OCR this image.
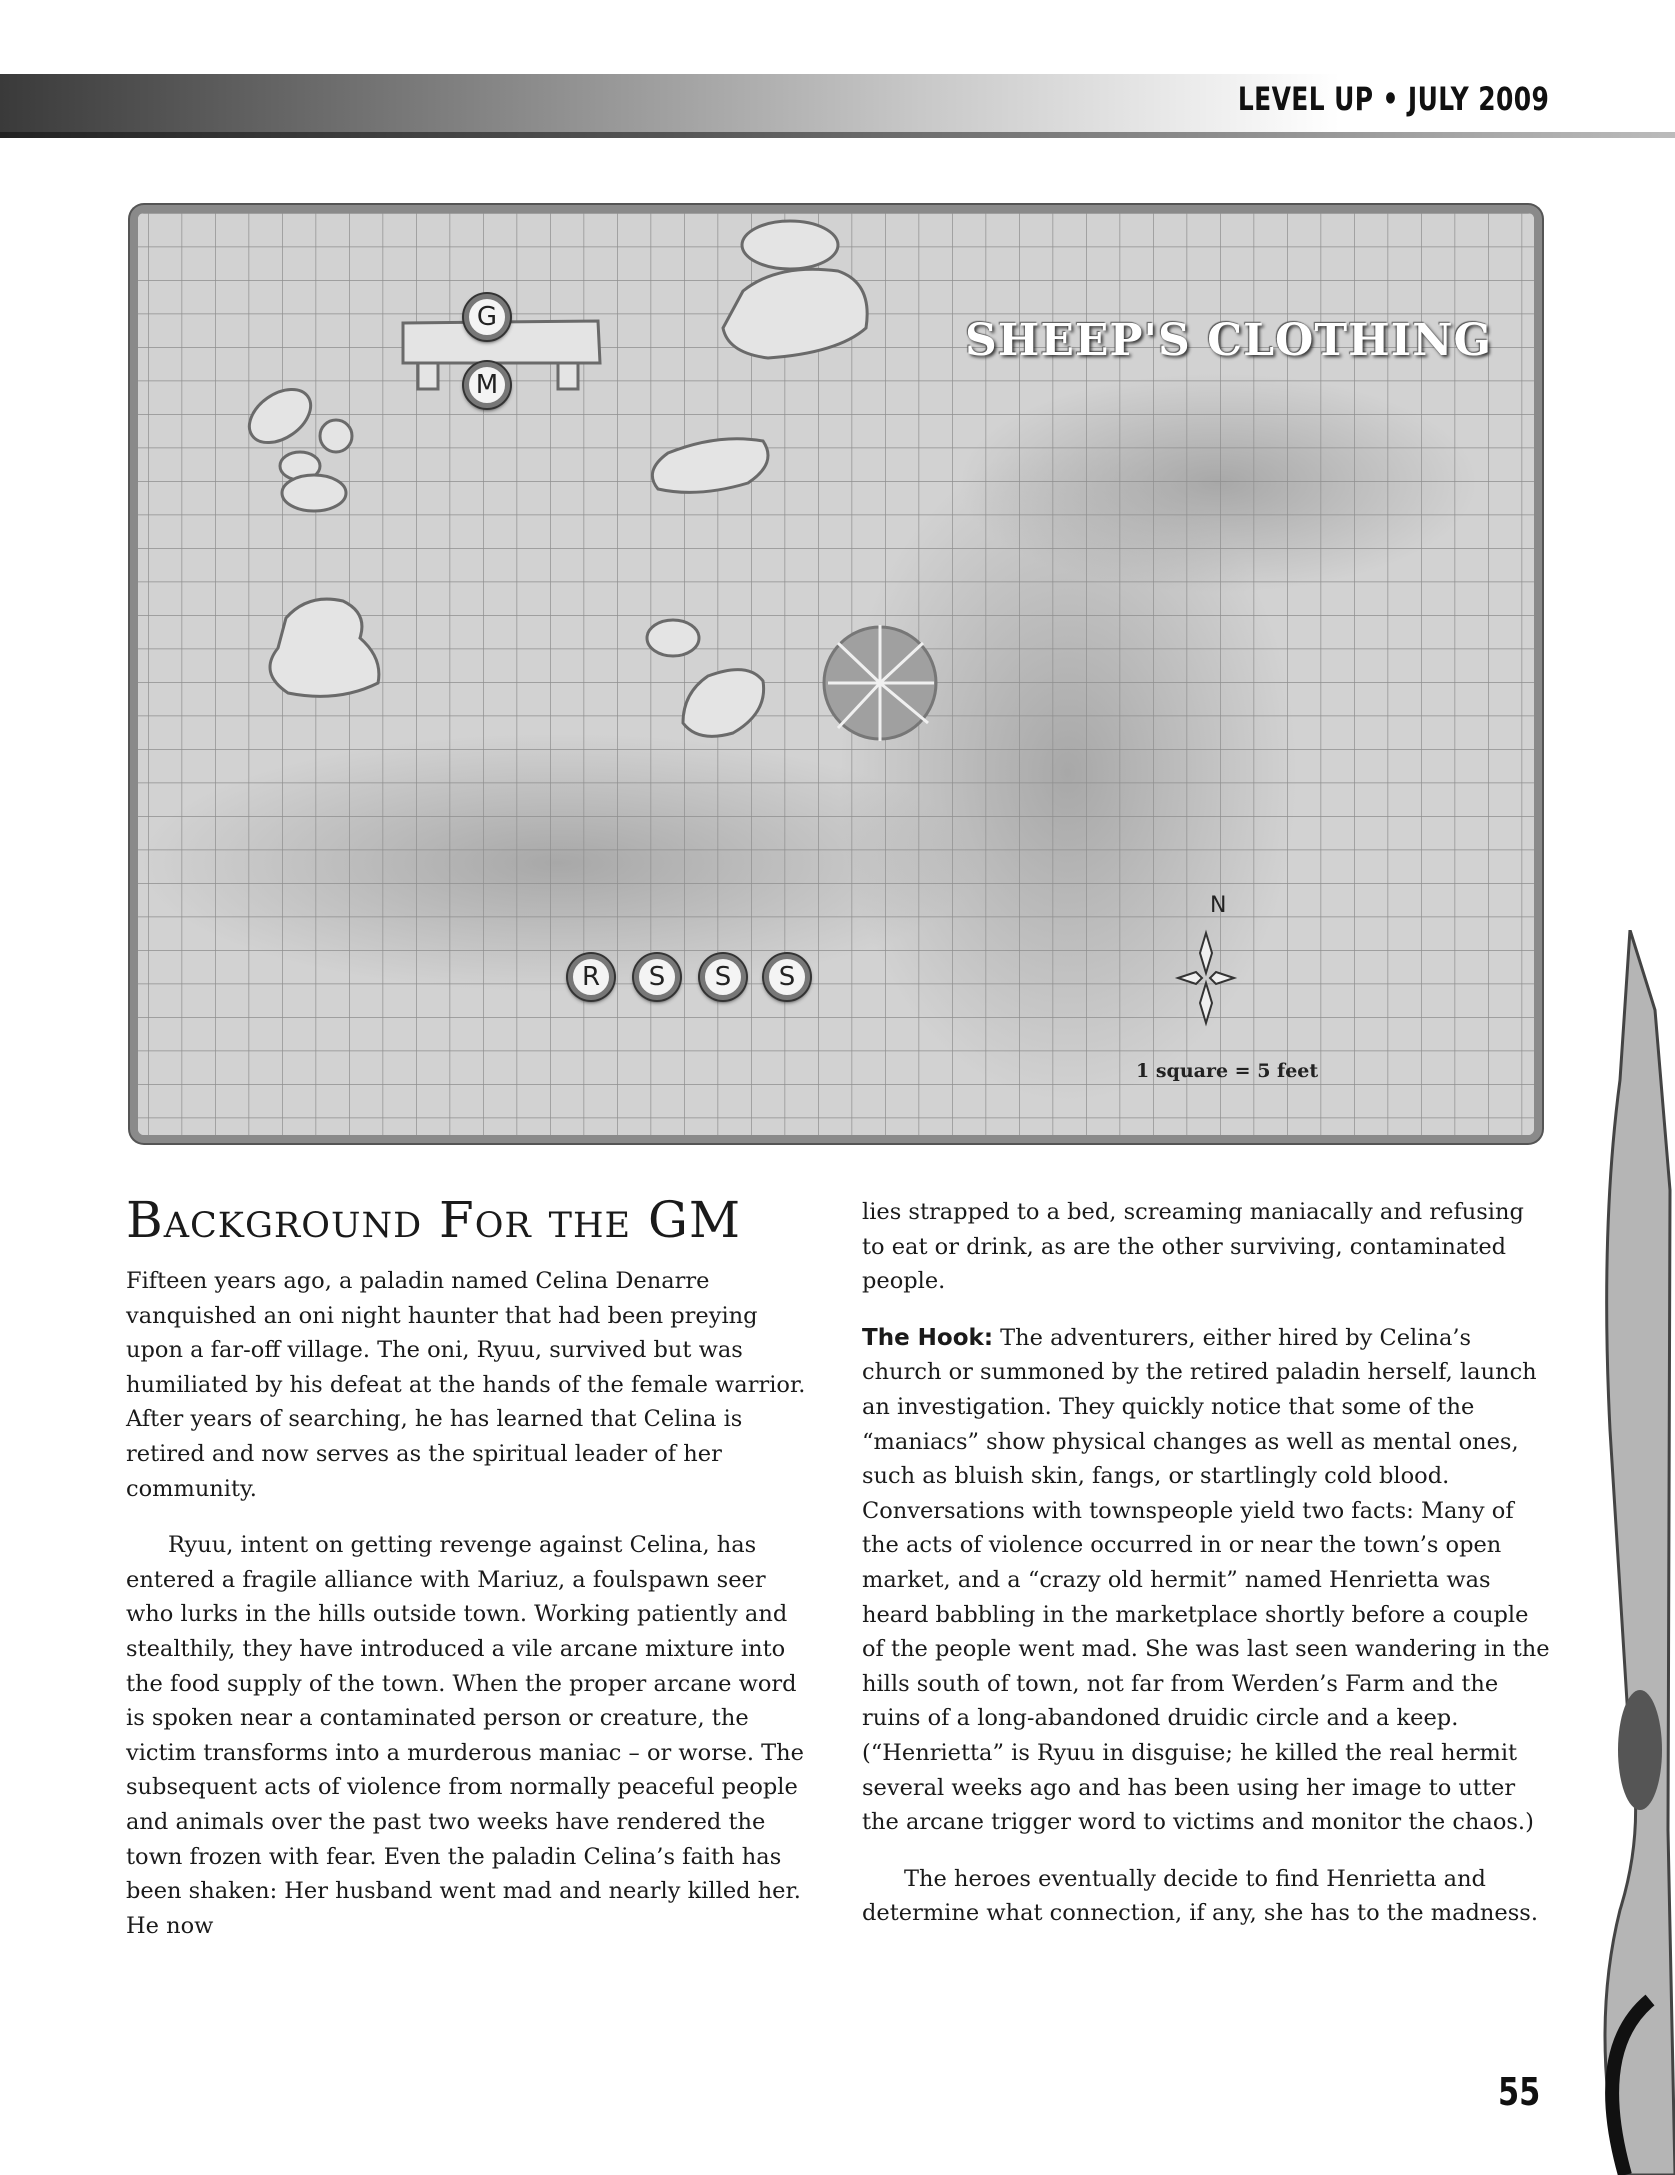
LEVEL UP • JULY 2009
SHEEP'S CLOTHING
G
M
R	S	S	S
N
1 square = 5 feet
Background For the GM

Fifteen years ago, a paladin named Celina Denarre vanquished an oni night haunter that had been preying upon a far-off village. The oni, Ryuu, survived but was humiliated by his defeat at the hands of the female warrior. After years of searching, he has learned that Celina is retired and now serves as the spiritual leader of her community.

Ryuu, intent on getting revenge against Celina, has entered a fragile alliance with Mariuz, a foulspawn seer who lurks in the hills outside town. Working patiently and stealthily, they have introduced a vile arcane mixture into the food supply of the town. When the proper arcane word is spoken near a contaminated person or creature, the victim transforms into a murderous maniac – or worse. The subsequent acts of violence from normally peaceful people and animals over the past two weeks have rendered the town frozen with fear. Even the paladin Celina’s faith has been shaken: Her husband went mad and nearly killed her. He now

lies strapped to a bed, screaming maniacally and refusing to eat or drink, as are the other surviving, contaminated people.

The Hook: The adventurers, either hired by Celina’s church or summoned by the retired paladin herself, launch an investigation. They quickly notice that some of the “maniacs” show physical changes as well as mental ones, such as bluish skin, fangs, or startlingly cold blood. Conversations with townspeople yield two facts: Many of the acts of violence occurred in or near the town’s open market, and a “crazy old hermit” named Henrietta was heard babbling in the marketplace shortly before a couple of the people went mad. She was last seen wandering in the hills south of town, not far from Werden’s Farm and the ruins of a long-abandoned druidic circle and a keep. (“Henrietta” is Ryuu in disguise; he killed the real hermit several weeks ago and has been using her image to utter the arcane trigger word to victims and monitor the chaos.)

The heroes eventually decide to find Henrietta and determine what connection, if any, she has to the madness.

55
